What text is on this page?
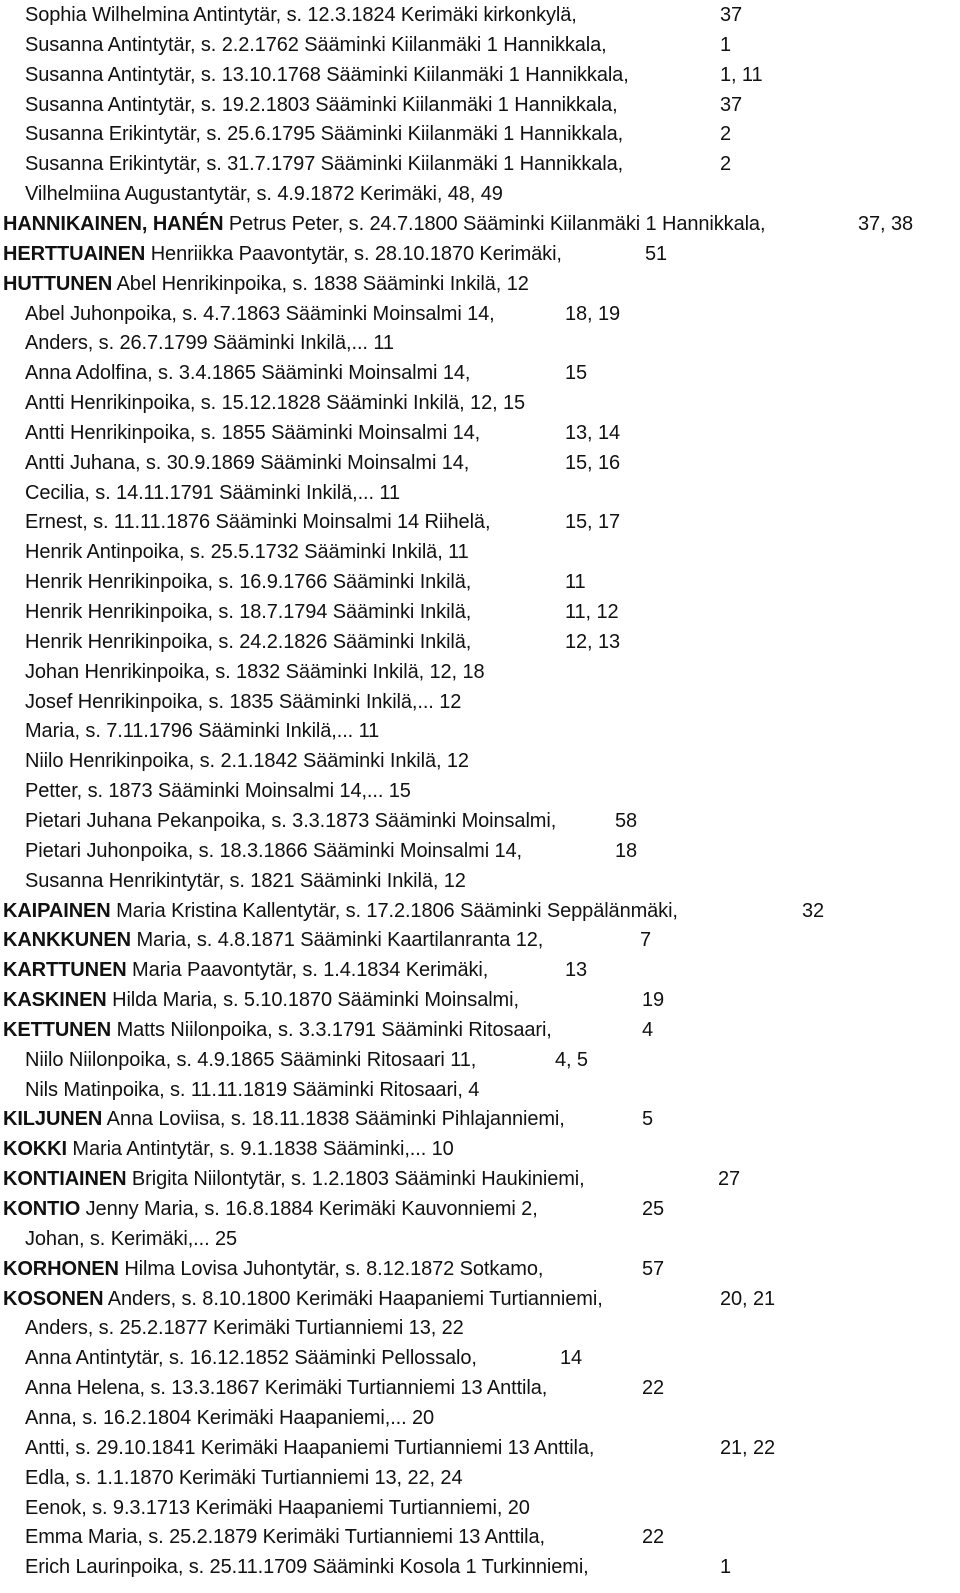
Sophia Wilhelmina Antintytär, s. 12.3.1824 Kerimäki kirkonkylä,	37
Susanna Antintytär, s. 2.2.1762 Sääminki Kiilanmäki 1 Hannikkala,	1
Susanna Antintytär, s. 13.10.1768 Sääminki Kiilanmäki 1 Hannikkala,	1, 11
Susanna Antintytär, s. 19.2.1803 Sääminki Kiilanmäki 1 Hannikkala,	37
Susanna Erikintytär, s. 25.6.1795 Sääminki Kiilanmäki 1 Hannikkala,	2
Susanna Erikintytär, s. 31.7.1797 Sääminki Kiilanmäki 1 Hannikkala,	2
Vilhelmiina Augustantytär, s. 4.9.1872 Kerimäki, 48, 49
HANNIKAINEN, HANÉN Petrus Peter, s. 24.7.1800 Sääminki Kiilanmäki 1 Hannikkala,	37, 38
HERTTUAINEN Henriikka Paavontytär, s. 28.10.1870 Kerimäki,	51
HUTTUNEN Abel Henrikinpoika, s. 1838 Sääminki Inkilä, 12
Abel Juhonpoika, s. 4.7.1863 Sääminki Moinsalmi 14,	18, 19
Anders, s. 26.7.1799 Sääminki Inkilä,... 11
Anna Adolfina, s. 3.4.1865 Sääminki Moinsalmi 14,	15
Antti Henrikinpoika, s. 15.12.1828 Sääminki Inkilä, 12, 15
Antti Henrikinpoika, s. 1855 Sääminki Moinsalmi 14,	13, 14
Antti Juhana, s. 30.9.1869 Sääminki Moinsalmi 14,	15, 16
Cecilia, s. 14.11.1791 Sääminki Inkilä,... 11
Ernest, s. 11.11.1876 Sääminki Moinsalmi 14 Riihelä,	15, 17
Henrik Antinpoika, s. 25.5.1732 Sääminki Inkilä, 11
Henrik Henrikinpoika, s. 16.9.1766 Sääminki Inkilä,	11
Henrik Henrikinpoika, s. 18.7.1794 Sääminki Inkilä,	11, 12
Henrik Henrikinpoika, s. 24.2.1826 Sääminki Inkilä,	12, 13
Johan Henrikinpoika, s. 1832 Sääminki Inkilä, 12, 18
Josef Henrikinpoika, s. 1835 Sääminki Inkilä,... 12
Maria, s. 7.11.1796 Sääminki Inkilä,... 11
Niilo Henrikinpoika, s. 2.1.1842 Sääminki Inkilä, 12
Petter, s. 1873 Sääminki Moinsalmi 14,... 15
Pietari Juhana Pekanpoika, s. 3.3.1873 Sääminki Moinsalmi,	58
Pietari Juhonpoika, s. 18.3.1866 Sääminki Moinsalmi 14,	18
Susanna Henrikintytär, s. 1821 Sääminki Inkilä, 12
KAIPAINEN Maria Kristina Kallentytär, s. 17.2.1806 Sääminki Seppälänmäki,	32
KANKKUNEN Maria, s. 4.8.1871 Sääminki Kaartilanranta 12,	7
KARTTUNEN Maria Paavontytär, s. 1.4.1834 Kerimäki,	13
KASKINEN Hilda Maria, s. 5.10.1870 Sääminki Moinsalmi,	19
KETTUNEN Matts Niilonpoika, s. 3.3.1791 Sääminki Ritosaari,	4
Niilo Niilonpoika, s. 4.9.1865 Sääminki Ritosaari 11,	4, 5
Nils Matinpoika, s. 11.11.1819 Sääminki Ritosaari, 4
KILJUNEN Anna Loviisa, s. 18.11.1838 Sääminki Pihlajanniemi,	5
KOKKI Maria Antintytär, s. 9.1.1838 Sääminki,... 10
KONTIAINEN Brigita Niilontytär, s. 1.2.1803 Sääminki Haukiniemi,	27
KONTIO Jenny Maria, s. 16.8.1884 Kerimäki Kauvonniemi 2,	25
Johan, s. Kerimäki,... 25
KORHONEN Hilma Lovisa Juhontytär, s. 8.12.1872 Sotkamo,	57
KOSONEN Anders, s. 8.10.1800 Kerimäki Haapaniemi Turtianniemi,	20, 21
Anders, s. 25.2.1877 Kerimäki Turtianniemi 13, 22
Anna Antintytär, s. 16.12.1852 Sääminki Pellossalo,	14
Anna Helena, s. 13.3.1867 Kerimäki Turtianniemi 13 Anttila,	22
Anna, s. 16.2.1804 Kerimäki Haapaniemi,... 20
Antti, s. 29.10.1841 Kerimäki Haapaniemi Turtianniemi 13 Anttila,	21, 22
Edla, s. 1.1.1870 Kerimäki Turtianniemi 13, 22, 24
Eenok, s. 9.3.1713 Kerimäki Haapaniemi Turtianniemi, 20
Emma Maria, s. 25.2.1879 Kerimäki Turtianniemi 13 Anttila,	22
Erich Laurinpoika, s. 25.11.1709 Sääminki Kosola 1 Turkinniemi,	1
